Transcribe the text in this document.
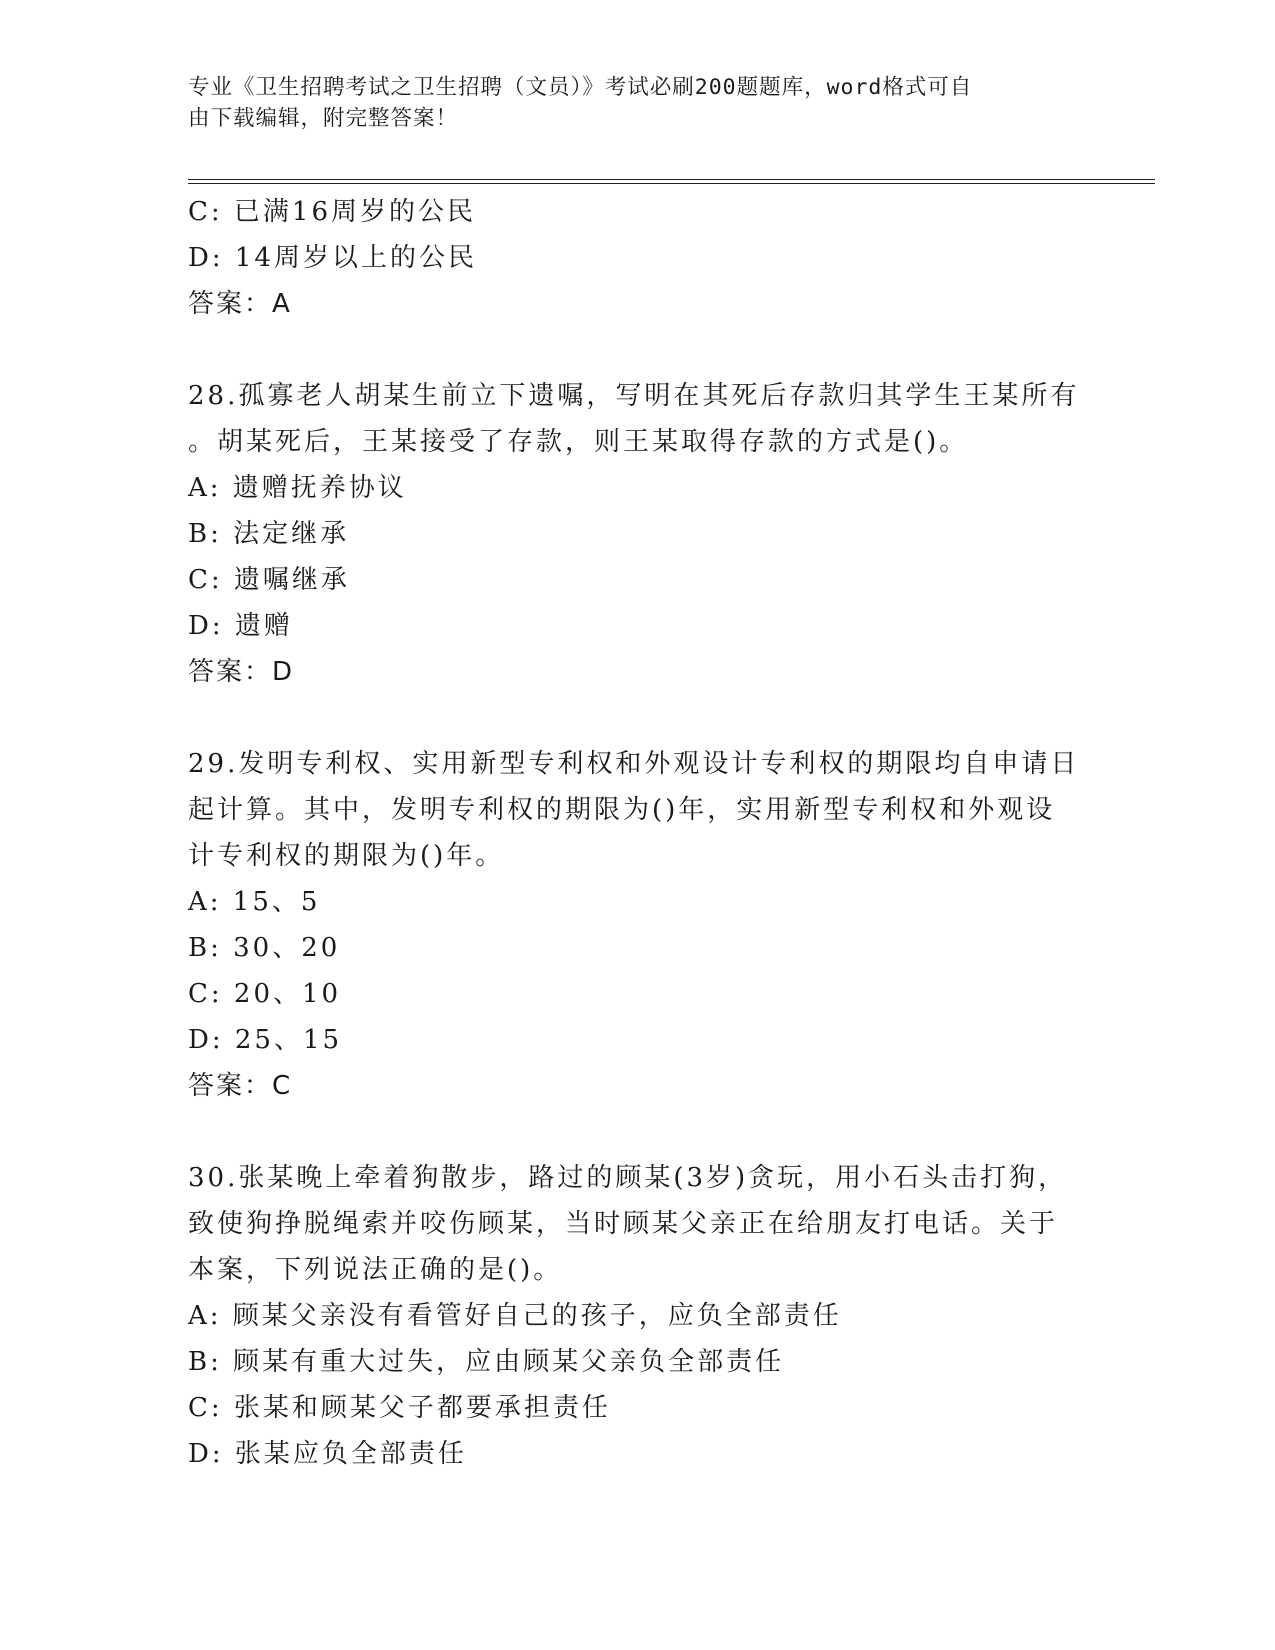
专业《卫生招聘考试之卫生招聘（文员）》考试必刷200题题库，word格式可自
由下载编辑，附完整答案！
C: 已满16周岁的公民
D: 14周岁以上的公民
答案：A
28.孤寡老人胡某生前立下遗嘱，写明在其死后存款归其学生王某所有
。胡某死后，王某接受了存款，则王某取得存款的方式是()。
A: 遗赠抚养协议
B: 法定继承
C: 遗嘱继承
D: 遗赠
答案：D
29.发明专利权、实用新型专利权和外观设计专利权的期限均自申请日
起计算。其中，发明专利权的期限为()年，实用新型专利权和外观设
计专利权的期限为()年。
A: 15、5
B: 30、20
C: 20、10
D: 25、15
答案：C
30.张某晚上牵着狗散步，路过的顾某(3岁)贪玩，用小石头击打狗，
致使狗挣脱绳索并咬伤顾某，当时顾某父亲正在给朋友打电话。关于
本案，下列说法正确的是()。
A: 顾某父亲没有看管好自己的孩子，应负全部责任
B: 顾某有重大过失，应由顾某父亲负全部责任
C: 张某和顾某父子都要承担责任
D: 张某应负全部责任
